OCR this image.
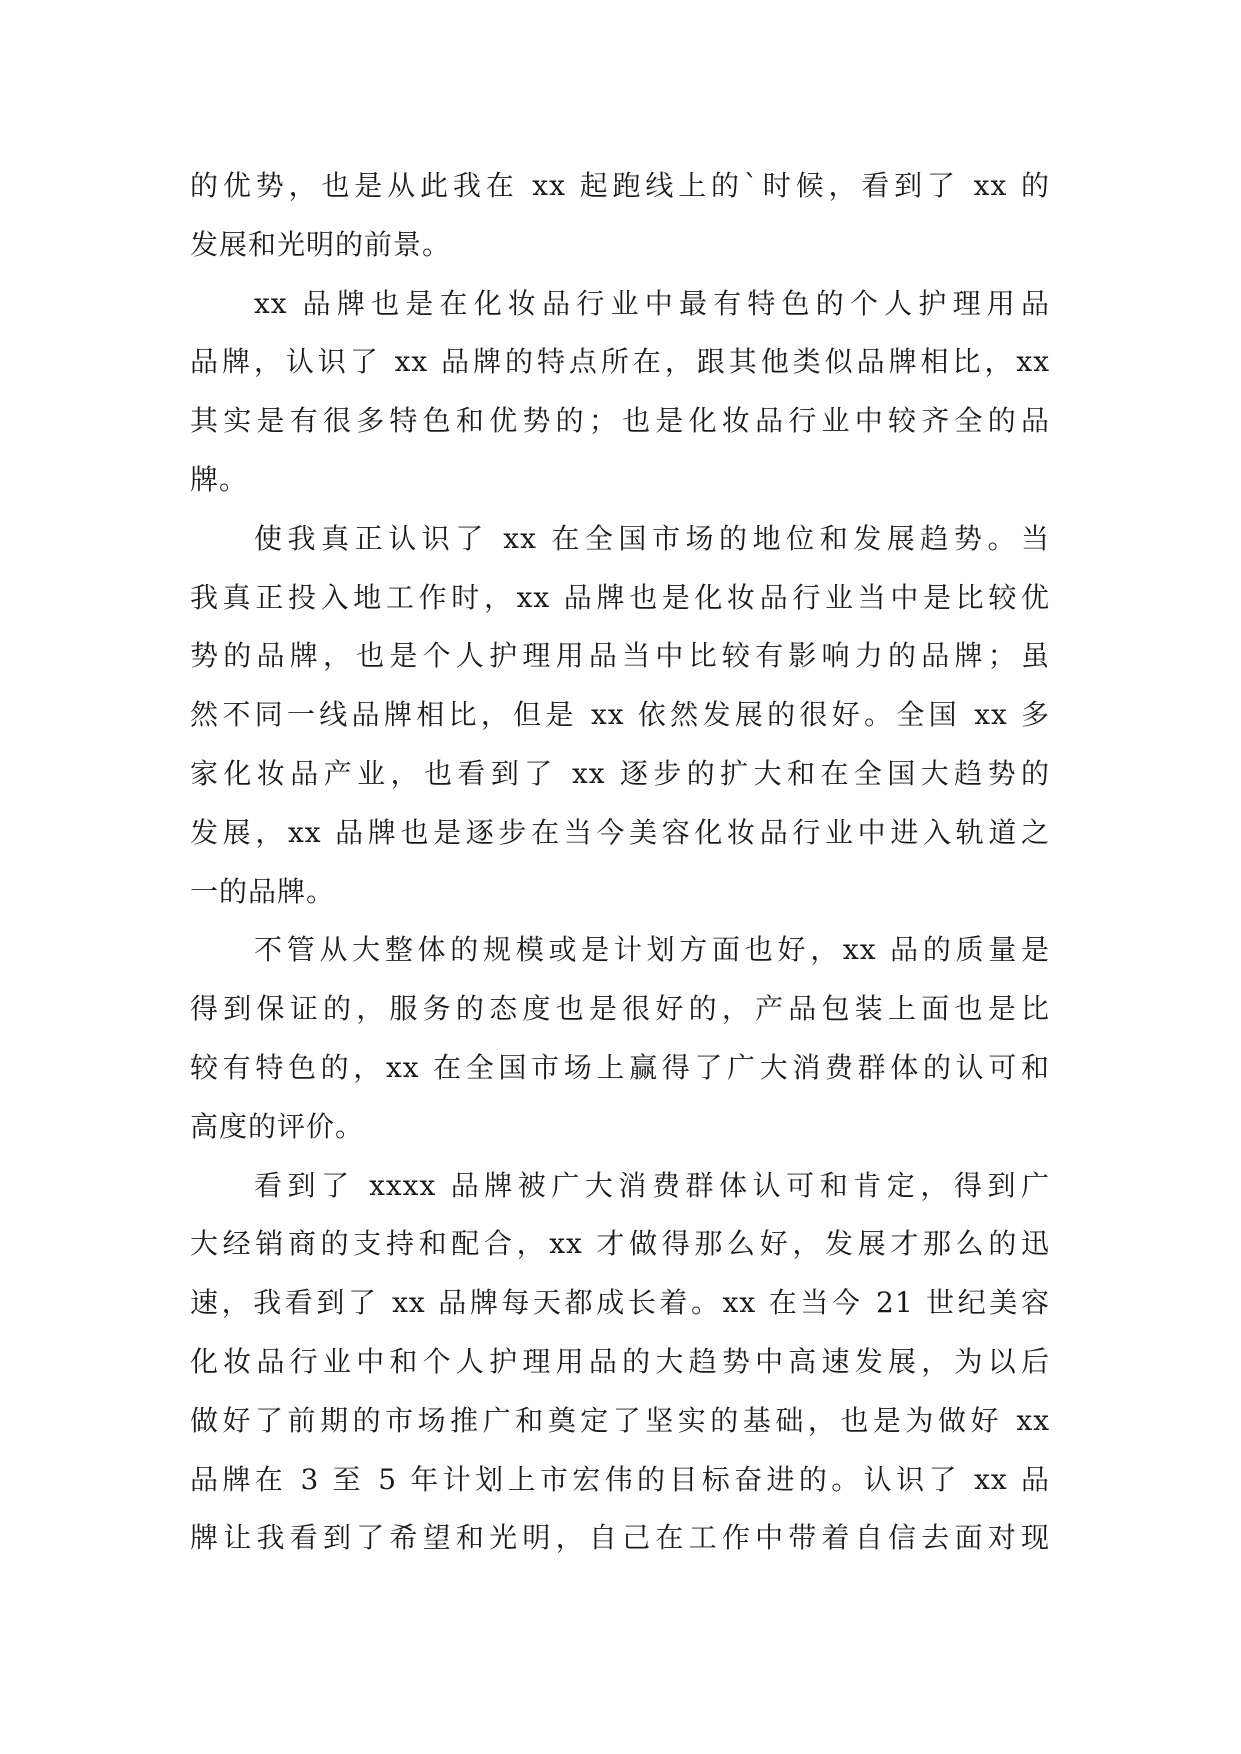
的优势，也是从此我在 xx 起跑线上的`时候，看到了 xx 的
发展和光明的前景。
xx 品牌也是在化妆品行业中最有特色的个人护理用品
品牌，认识了 xx 品牌的特点所在，跟其他类似品牌相比，xx
其实是有很多特色和优势的；也是化妆品行业中较齐全的品
牌。
使我真正认识了 xx 在全国市场的地位和发展趋势。当
我真正投入地工作时，xx 品牌也是化妆品行业当中是比较优
势的品牌，也是个人护理用品当中比较有影响力的品牌；虽
然不同一线品牌相比，但是 xx 依然发展的很好。全国 xx 多
家化妆品产业，也看到了 xx 逐步的扩大和在全国大趋势的
发展，xx 品牌也是逐步在当今美容化妆品行业中进入轨道之
一的品牌。
不管从大整体的规模或是计划方面也好，xx 品的质量是
得到保证的，服务的态度也是很好的，产品包装上面也是比
较有特色的，xx 在全国市场上赢得了广大消费群体的认可和
高度的评价。
看到了 xxxx 品牌被广大消费群体认可和肯定，得到广
大经销商的支持和配合，xx 才做得那么好，发展才那么的迅
速，我看到了 xx 品牌每天都成长着。xx 在当今 21 世纪美容
化妆品行业中和个人护理用品的大趋势中高速发展，为以后
做好了前期的市场推广和奠定了坚实的基础，也是为做好 xx
品牌在 3 至 5 年计划上市宏伟的目标奋进的。认识了 xx 品
牌让我看到了希望和光明，自己在工作中带着自信去面对现
